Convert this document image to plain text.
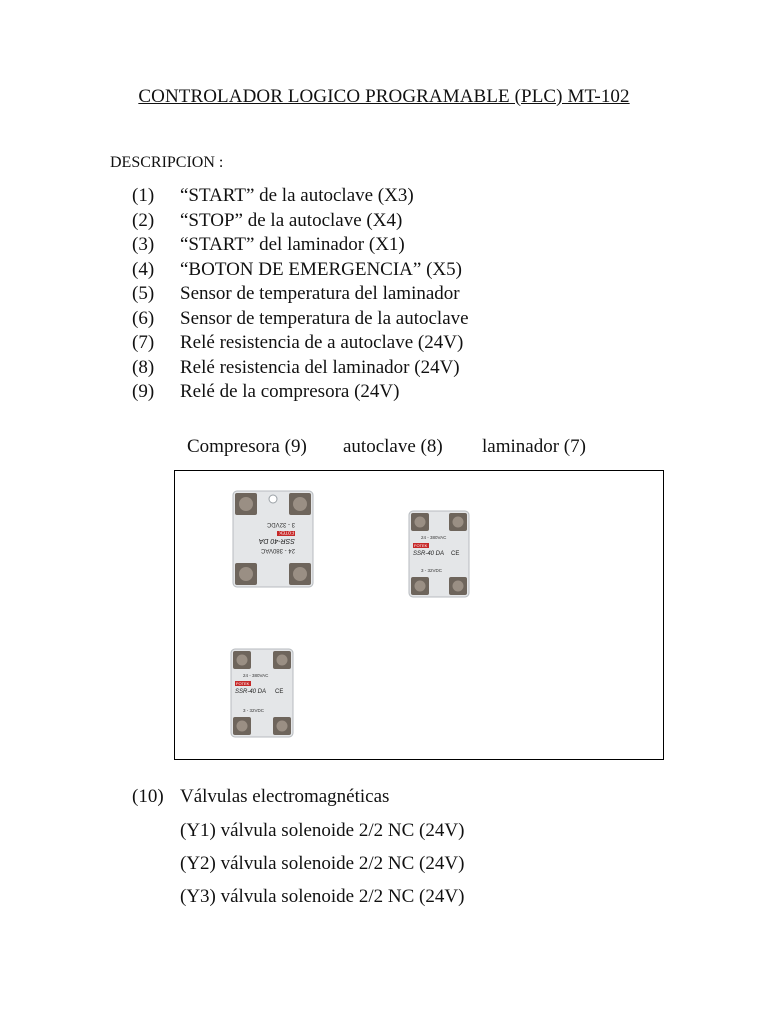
CONTROLADOR LOGICO PROGRAMABLE (PLC) MT-102
DESCRIPCION :
(1) “START” de la autoclave (X3)
(2) “STOP” de la autoclave (X4)
(3) “START” del laminador (X1)
(4) “BOTON DE EMERGENCIA” (X5)
(5) Sensor de temperatura del laminador
(6) Sensor de temperatura de la autoclave
(7) Relé resistencia de a autoclave (24V)
(8) Relé resistencia del laminador (24V)
(9) Relé de la compresora (24V)
Compresora (9) autoclave (8) laminador (7)
24 - 380VAC
SSR-40 DA
FOTEK
3 - 32VDC
24 - 380VAC
FOTEK
SSR-40 DA CE
3 - 32VDC
24 - 380VAC
FOTEK
SSR-40 DA CE
3 - 32VDC
(10) Válvulas electromagnéticas
(Y1) válvula solenoide 2/2 NC (24V)
(Y2) válvula solenoide 2/2 NC (24V)
(Y3) válvula solenoide 2/2 NC (24V)
